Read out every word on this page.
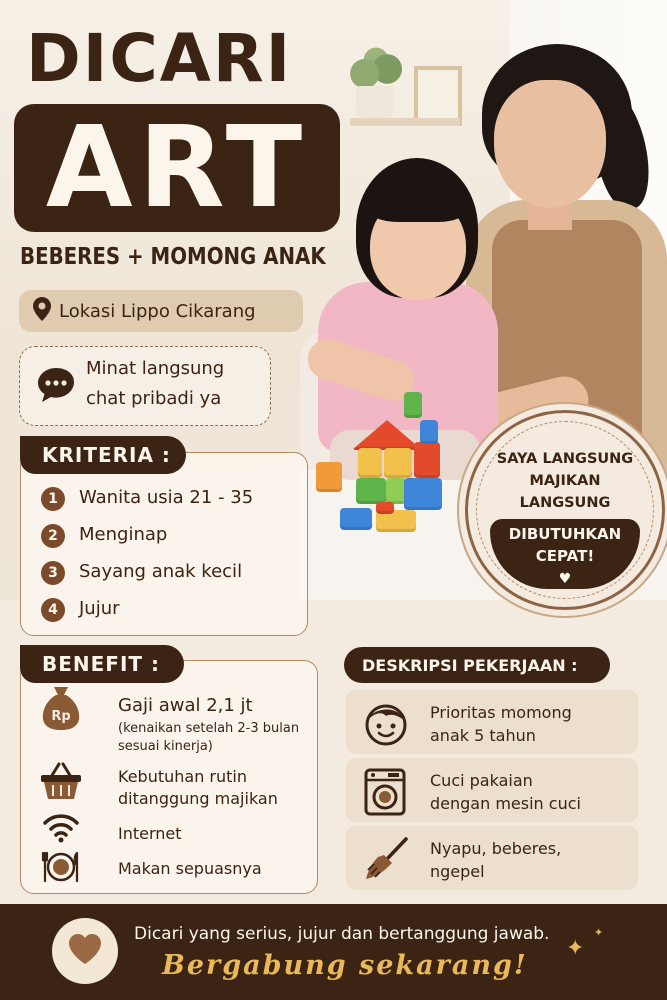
DICARI
ART
BEBERES + MOMONG ANAK
Lokasi Lippo Cikarang
Minat langsung
chat pribadi ya
1	Wanita usia 21 - 35
2	Menginap
3	Sayang anak kecil
4	Jujur
KRITERIA :	SAYA LANGSUNG
MAJIKAN
LANGSUNG
DIBUTUHKAN
CEPAT!
♥
Rp
Gaji awal 2,1 jt
(kenaikan setelah 2-3 bulan
sesuai kinerja)
Kebutuhan rutin
ditanggung majikan
Internet
Makan sepuasnya
BENEFIT :	DESKRIPSI PEKERJAAN :
Prioritas momong
anak 5 tahun
Cuci pakaian
dengan mesin cuci
Nyapu, beberes,
ngepel
Dicari yang serius, jujur dan bertanggung jawab.
Bergabung sekarang!
✦
✦
